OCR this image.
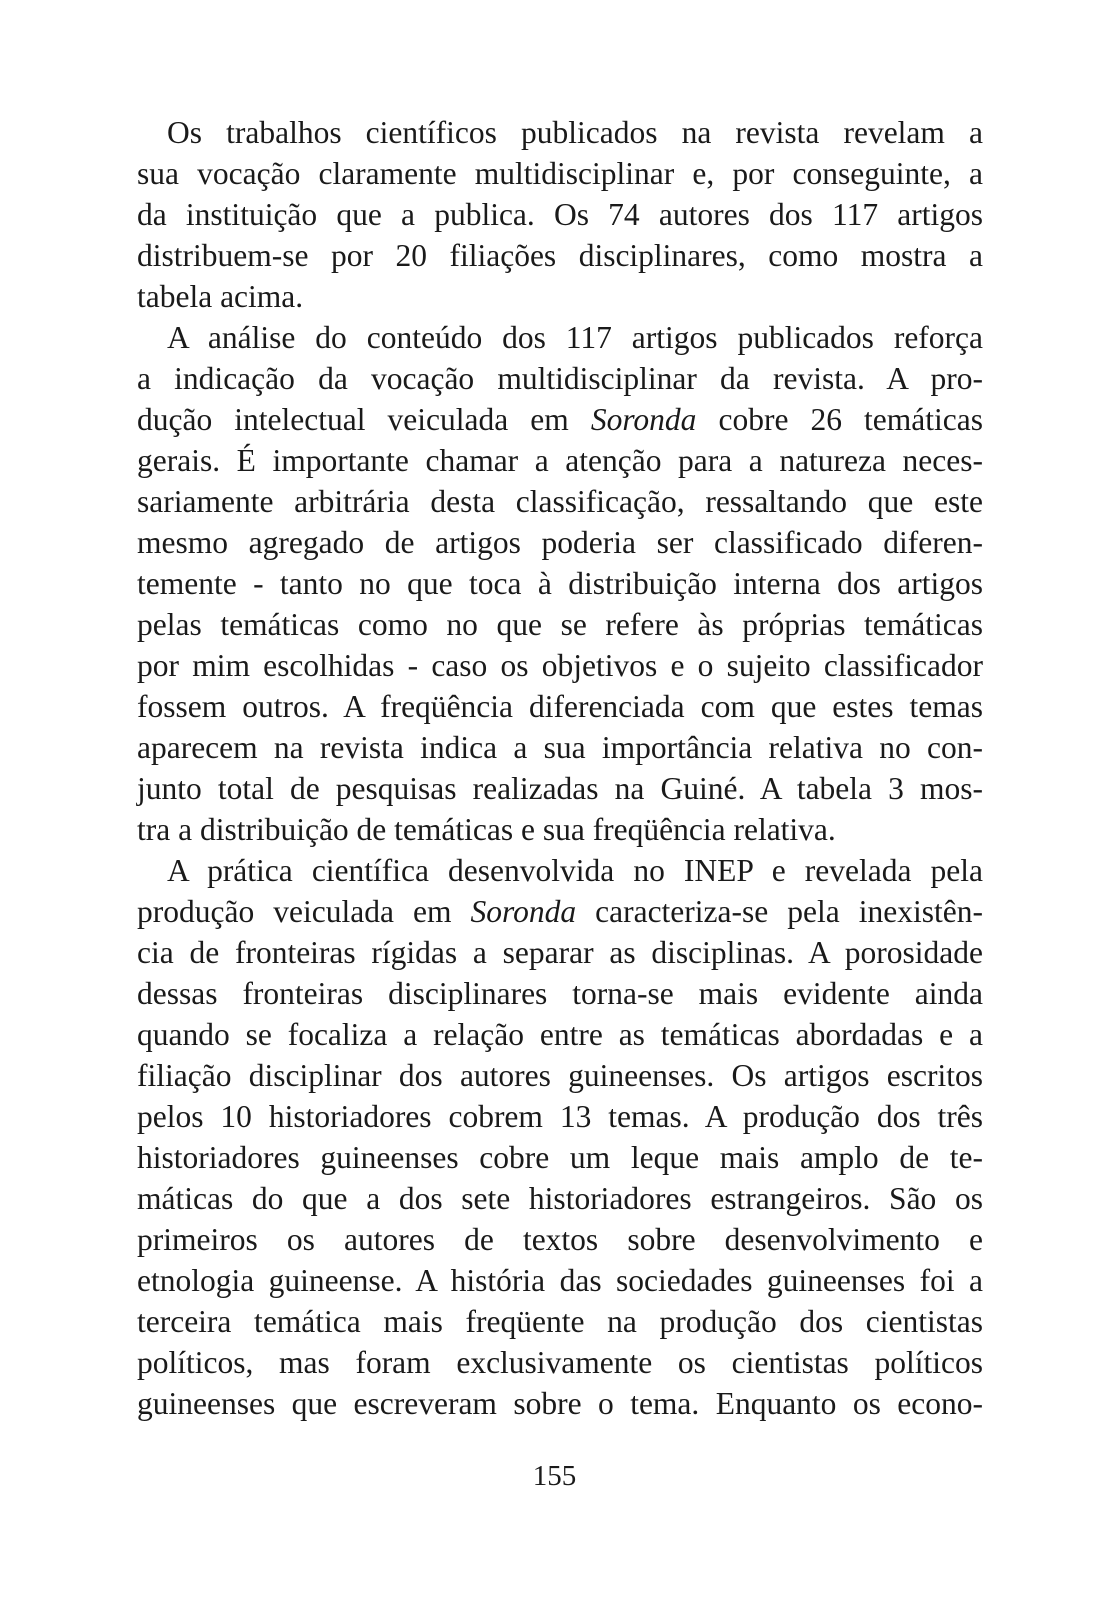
Os trabalhos científicos publicados na revista revelam a
sua vocação claramente multidisciplinar e, por conseguinte, a
da instituição que a publica. Os 74 autores dos 117 artigos
distribuem-se por 20 filiações disciplinares, como mostra a
tabela acima.
A análise do conteúdo dos 117 artigos publicados reforça
a indicação da vocação multidisciplinar da revista. A pro-
dução intelectual veiculada em Soronda cobre 26 temáticas
gerais. É importante chamar a atenção para a natureza neces-
sariamente arbitrária desta classificação, ressaltando que este
mesmo agregado de artigos poderia ser classificado diferen-
temente - tanto no que toca à distribuição interna dos artigos
pelas temáticas como no que se refere às próprias temáticas
por mim escolhidas - caso os objetivos e o sujeito classificador
fossem outros. A freqüência diferenciada com que estes temas
aparecem na revista indica a sua importância relativa no con-
junto total de pesquisas realizadas na Guiné. A tabela 3 mos-
tra a distribuição de temáticas e sua freqüência relativa.
A prática científica desenvolvida no INEP e revelada pela
produção veiculada em Soronda caracteriza-se pela inexistên-
cia de fronteiras rígidas a separar as disciplinas. A porosidade
dessas fronteiras disciplinares torna-se mais evidente ainda
quando se focaliza a relação entre as temáticas abordadas e a
filiação disciplinar dos autores guineenses. Os artigos escritos
pelos 10 historiadores cobrem 13 temas. A produção dos três
historiadores guineenses cobre um leque mais amplo de te-
máticas do que a dos sete historiadores estrangeiros. São os
primeiros os autores de textos sobre desenvolvimento e
etnologia guineense. A história das sociedades guineenses foi a
terceira temática mais freqüente na produção dos cientistas
políticos, mas foram exclusivamente os cientistas políticos
guineenses que escreveram sobre o tema. Enquanto os econo-
155
